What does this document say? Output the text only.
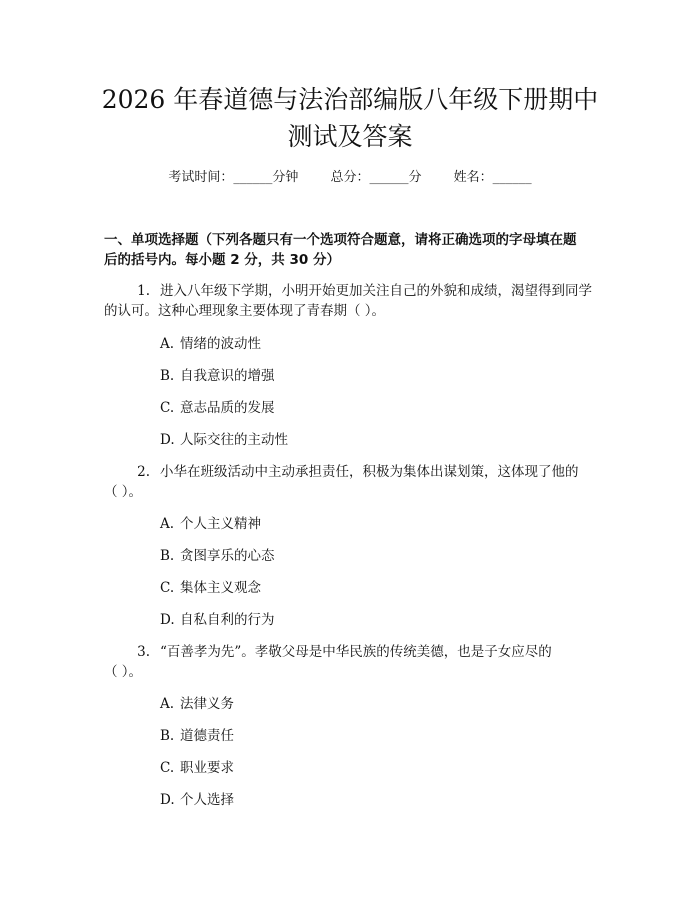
2026 年春道德与法治部编版八年级下册期中
测试及答案
考试时间：______分钟 总分：______分 姓名：______
一、单项选择题（下列各题只有一个选项符合题意，请将正确选项的字母填在题
后的括号内。每小题 2 分，共 30 分）
1. 进入八年级下学期，小明开始更加关注自己的外貌和成绩，渴望得到同学
的认可。这种心理现象主要体现了青春期（ ）。
A. 情绪的波动性
B. 自我意识的增强
C. 意志品质的发展
D. 人际交往的主动性
2. 小华在班级活动中主动承担责任，积极为集体出谋划策，这体现了他的
（ ）。
A. 个人主义精神
B. 贪图享乐的心态
C. 集体主义观念
D. 自私自利的行为
3. “百善孝为先”。孝敬父母是中华民族的传统美德，也是子女应尽的
（ ）。
A. 法律义务
B. 道德责任
C. 职业要求
D. 个人选择
